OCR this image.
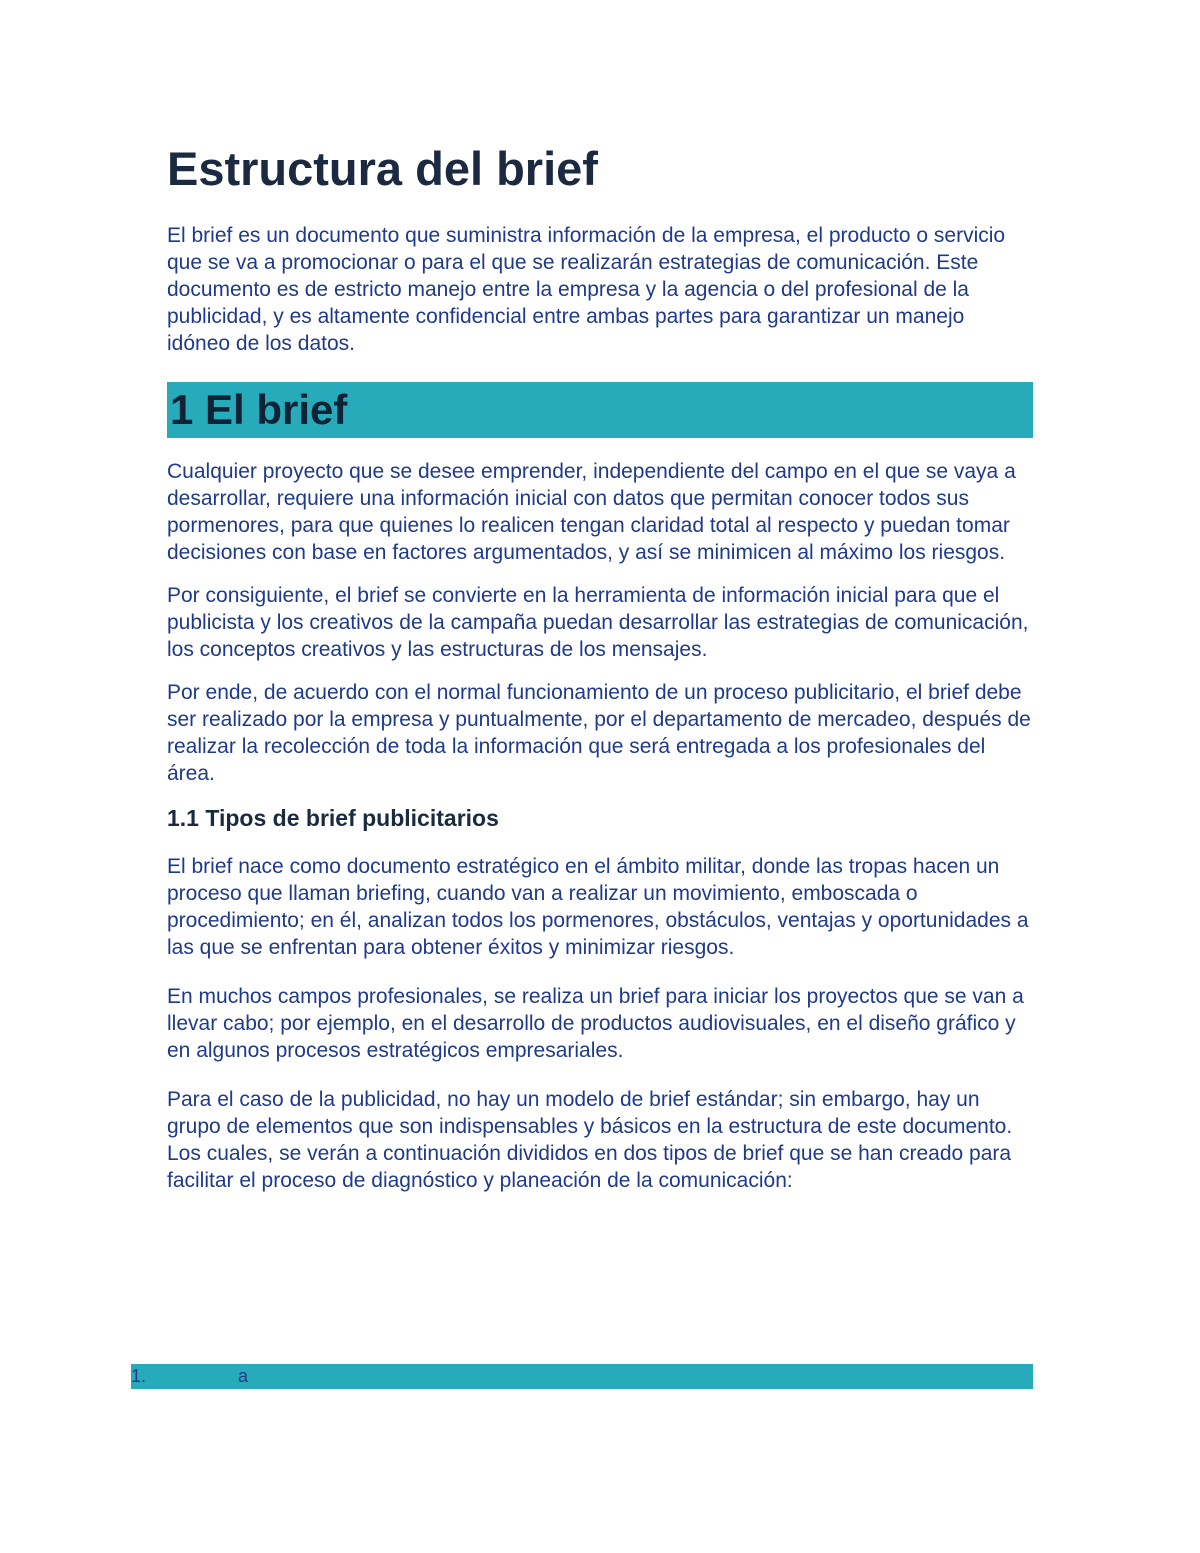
Estructura del brief

El brief es un documento que suministra información de la empresa, el producto o servicio que se va a promocionar o para el que se realizarán estrategias de comunicación. Este documento es de estricto manejo entre la empresa y la agencia o del profesional de la publicidad, y es altamente confidencial entre ambas partes para garantizar un manejo idóneo de los datos.

1 El brief

Cualquier proyecto que se desee emprender, independiente del campo en el que se vaya a desarrollar, requiere una información inicial con datos que permitan conocer todos sus pormenores, para que quienes lo realicen tengan claridad total al respecto y puedan tomar decisiones con base en factores argumentados, y así se minimicen al máximo los riesgos.

Por consiguiente, el brief se convierte en la herramienta de información inicial para que el publicista y los creativos de la campaña puedan desarrollar las estrategias de comunicación, los conceptos creativos y las estructuras de los mensajes.

Por ende, de acuerdo con el normal funcionamiento de un proceso publicitario, el brief debe ser realizado por la empresa y puntualmente, por el departamento de mercadeo, después de realizar la recolección de toda la información que será entregada a los profesionales del área.

1.1 Tipos de brief publicitarios

El brief nace como documento estratégico en el ámbito militar, donde las tropas hacen un proceso que llaman briefing, cuando van a realizar un movimiento, emboscada o procedimiento; en él, analizan todos los pormenores, obstáculos, ventajas y oportunidades a las que se enfrentan para obtener éxitos y minimizar riesgos.

En muchos campos profesionales, se realiza un brief para iniciar los proyectos que se van a llevar cabo; por ejemplo, en el desarrollo de productos audiovisuales, en el diseño gráfico y en algunos procesos estratégicos empresariales.

Para el caso de la publicidad, no hay un modelo de brief estándar; sin embargo, hay un grupo de elementos que son indispensables y básicos en la estructura de este documento. Los cuales, se verán a continuación divididos en dos tipos de brief que se han creado para facilitar el proceso de diagnóstico y planeación de la comunicación:

1.	a
